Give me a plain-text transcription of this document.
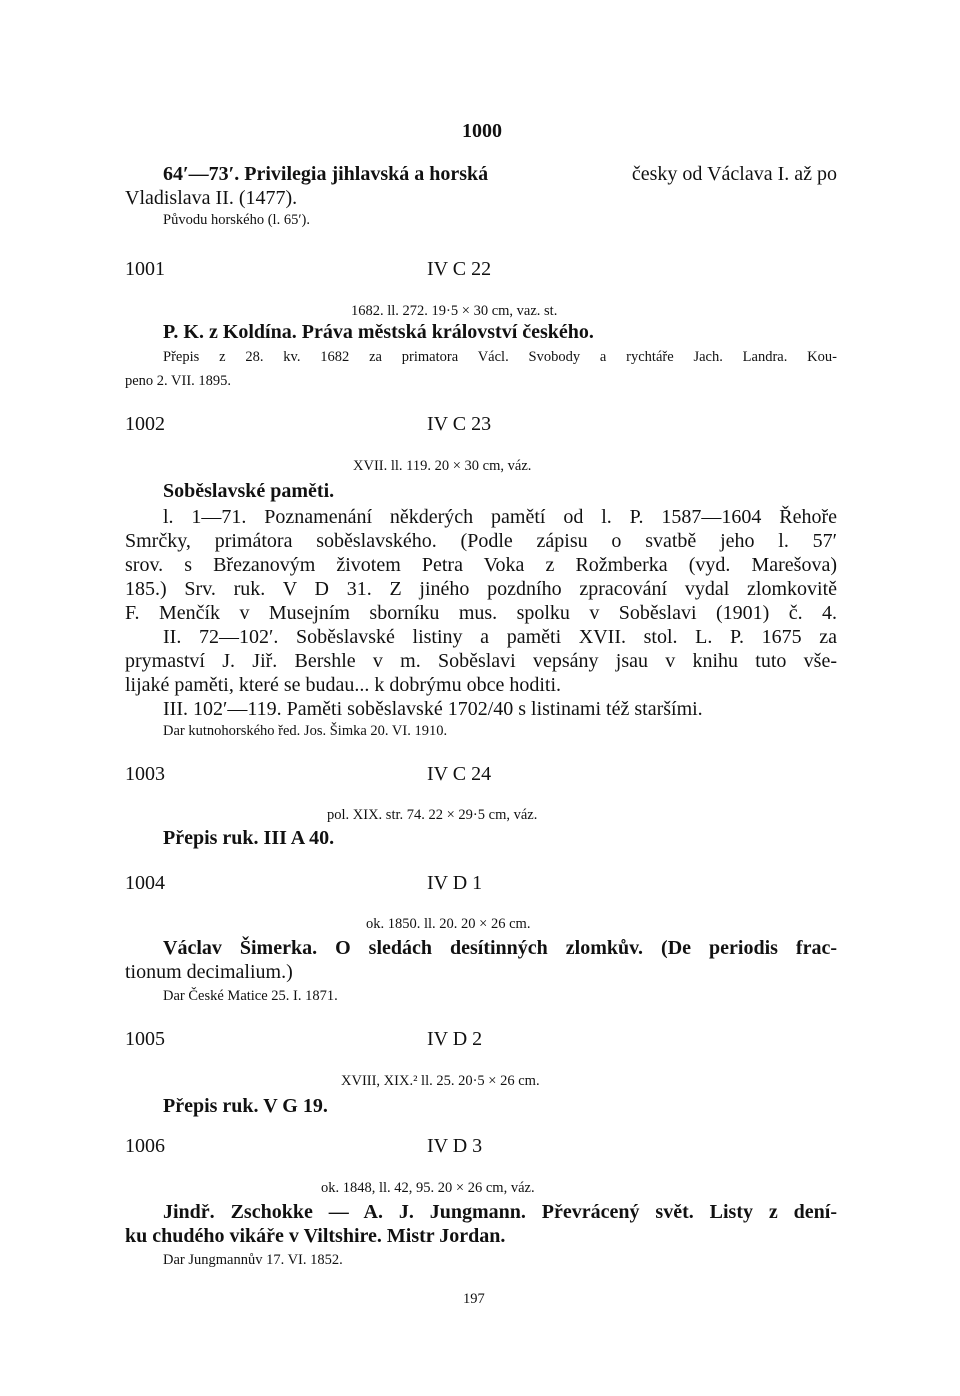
1000
64′—73′. Privilegia jihlavská a horská	česky od Václava I. až po
Vladislava II. (1477).
Původu horského (l. 65′).
1001	IV C 22
1682. ll. 272. 19·5 × 30 cm, vaz. st.
P. K. z Koldína. Práva městská království českého.
Přepis z 28. kv. 1682 za primatora Václ. Svobody a rychtáře Jach. Landra. Kou-
peno 2. VII. 1895.
1002	IV C 23
XVII. ll. 119. 20 × 30 cm, váz.
Soběslavské paměti.
l. 1—71. Poznamenání někderých pamětí od l. P. 1587—1604 Řehoře
Smrčky, primátora soběslavského. (Podle zápisu o svatbě jeho l. 57′
srov. s Březanovým životem Petra Voka z Rožmberka (vyd. Marešova)
185.) Srv. ruk. V D 31. Z jiného pozdního zpracování vydal zlomkovitě
F. Menčík v Musejním sborníku mus. spolku v Soběslavi (1901) č. 4.
II. 72—102′. Soběslavské listiny a paměti XVII. stol. L. P. 1675 za
prymaství J. Jiř. Bershle v m. Soběslavi vepsány jsau v knihu tuto vše-
lijaké paměti, které se budau... k dobrýmu obce hoditi.
III. 102′—119. Paměti soběslavské 1702/40 s listinami též staršími.
Dar kutnohorského řed. Jos. Šimka 20. VI. 1910.
1003	IV C 24
pol. XIX. str. 74. 22 × 29·5 cm, váz.
Přepis ruk. III A 40.
1004	IV D 1
ok. 1850. ll. 20. 20 × 26 cm.
Václav Šimerka. O sledách desítinných zlomkův. (De periodis frac-
tionum decimalium.)
Dar České Matice 25. I. 1871.
1005	IV D 2
XVIII, XIX.² ll. 25. 20·5 × 26 cm.
Přepis ruk. V G 19.
1006	IV D 3
ok. 1848, ll. 42, 95. 20 × 26 cm, váz.
Jindř. Zschokke — A. J. Jungmann. Převrácený svět. Listy z dení-
ku chudého vikáře v Viltshire. Mistr Jordan.
Dar Jungmannův 17. VI. 1852.
197
